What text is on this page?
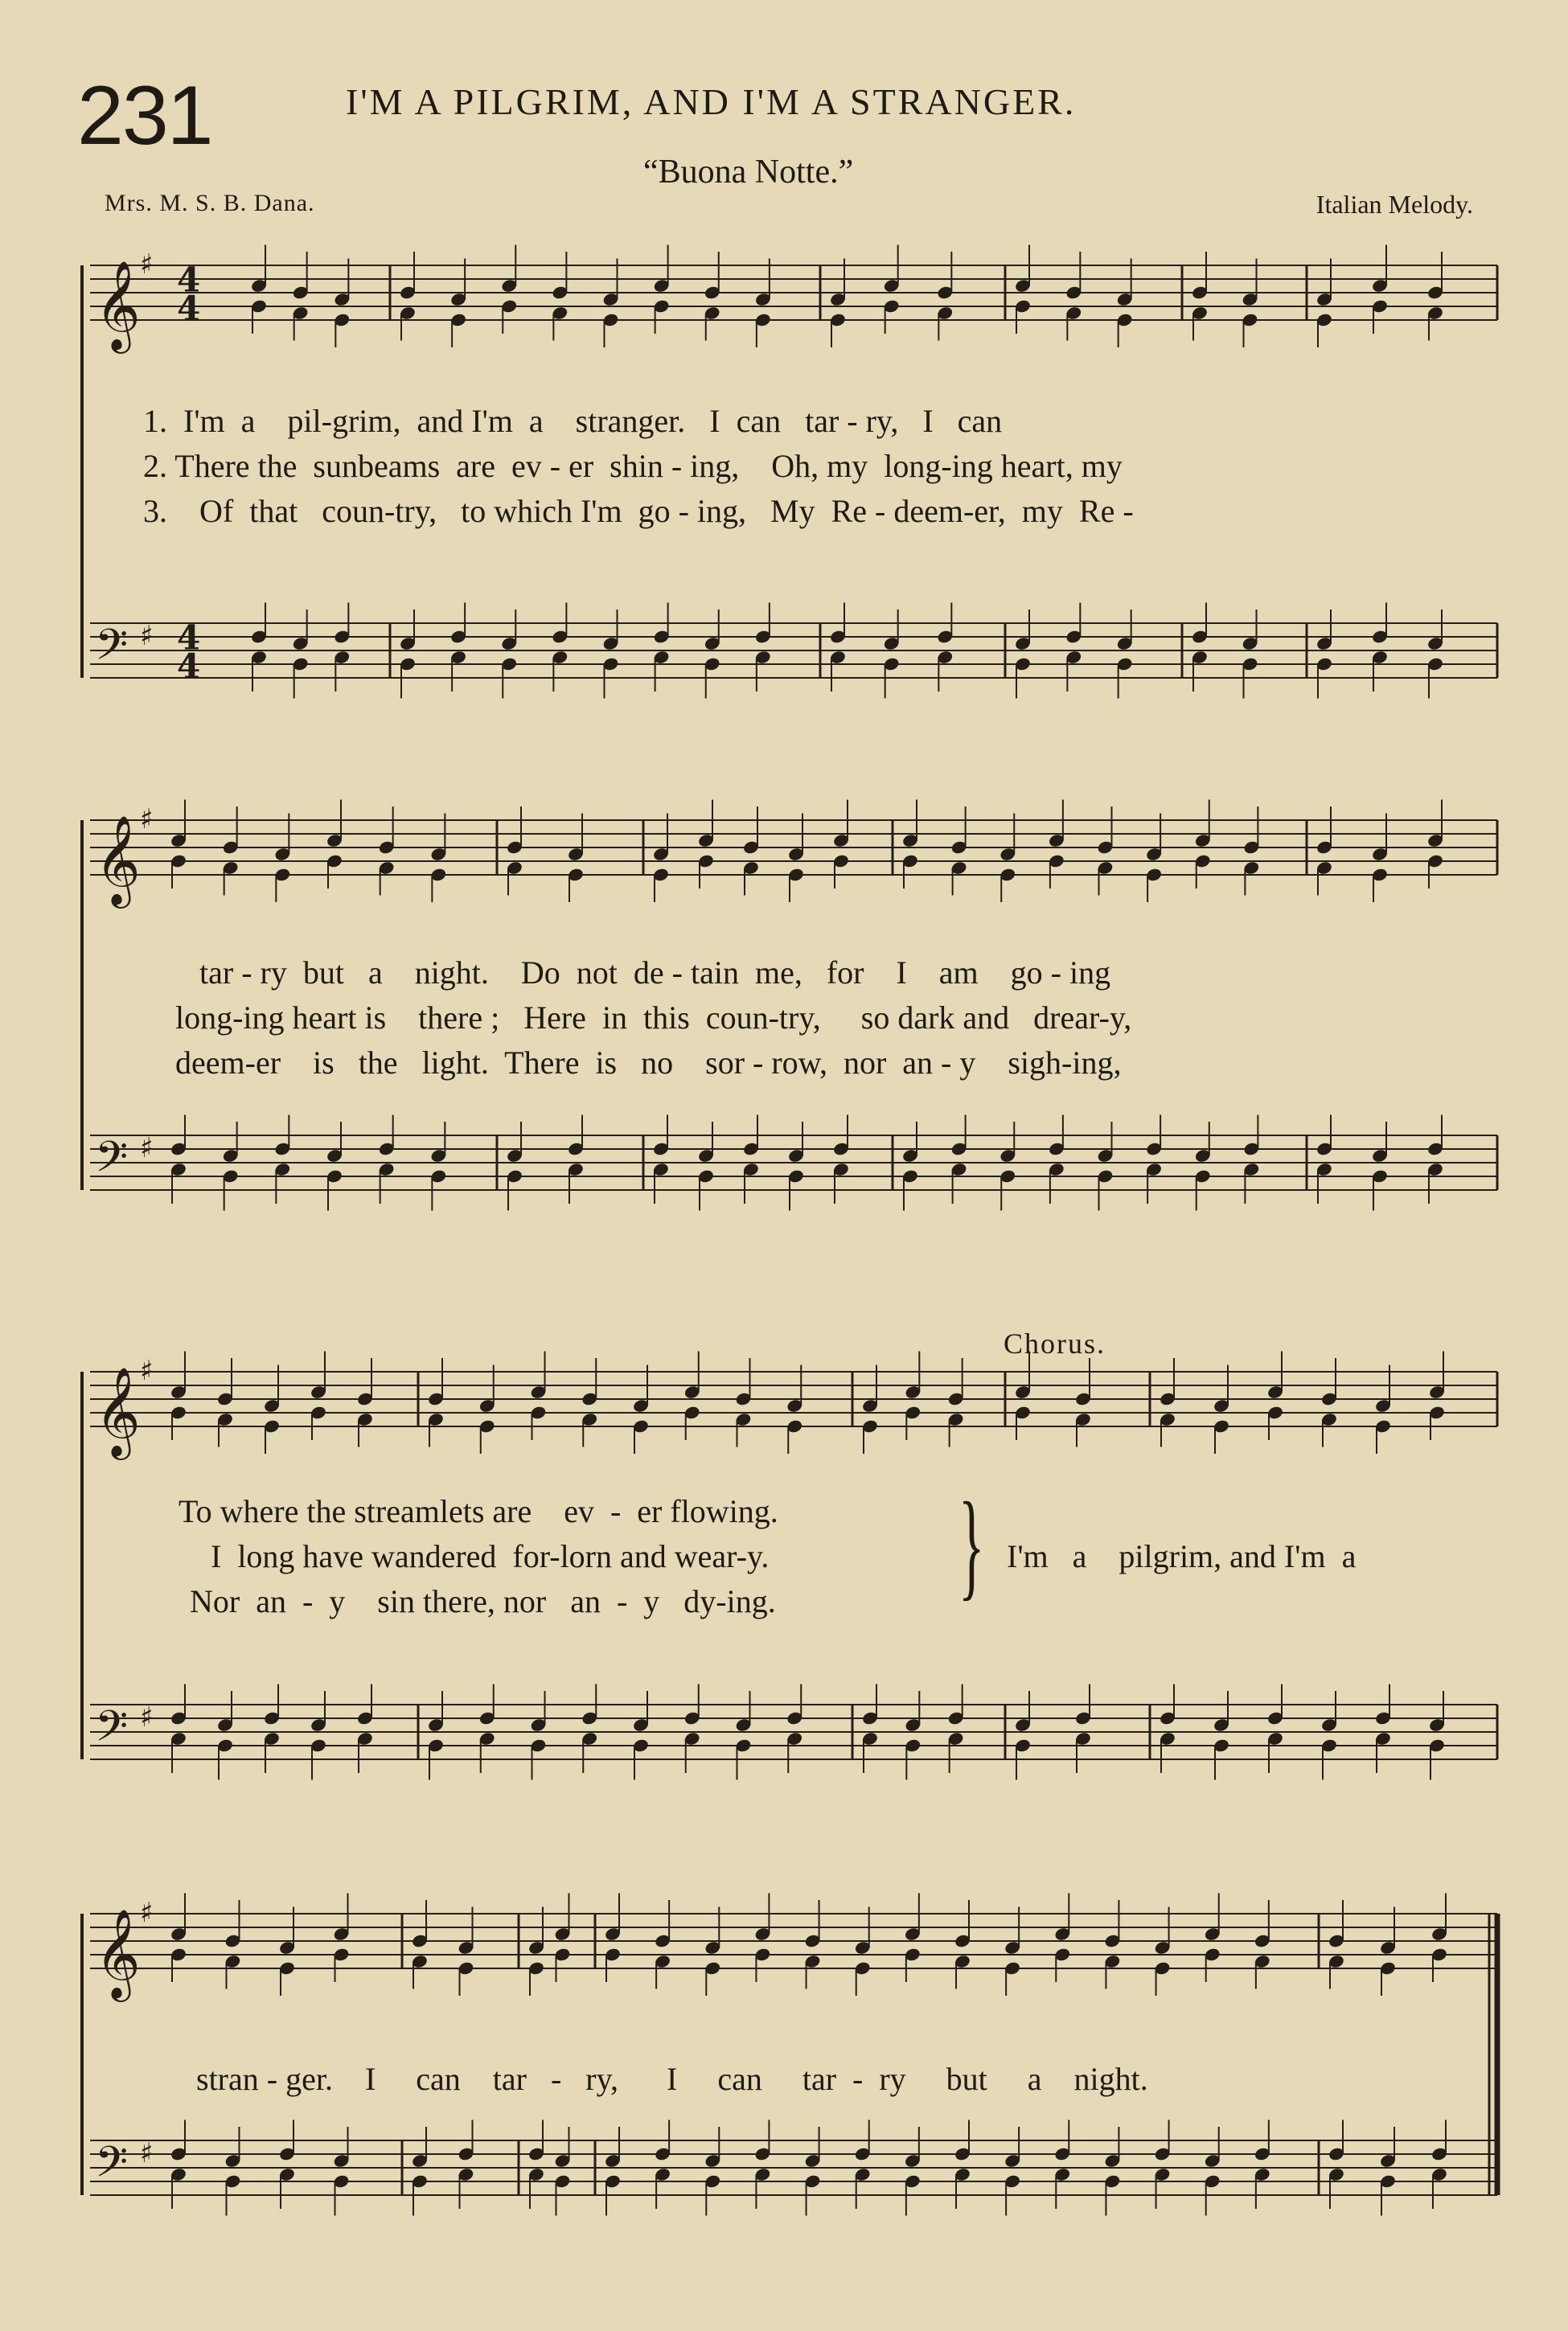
231	I'M A PILGRIM, AND I'M A STRANGER.
“Buona Notte.”
Mrs. M. S. B. Dana.	Italian Melody.
𝄞 ♯ 4
4
𝄢 ♯ 4
4
𝄞 ♯
𝄢 ♯
𝄞 ♯
𝄢 ♯
𝄞 ♯
𝄢 ♯
1.  I'm  a    pil-grim,  and I'm  a    stranger.   I  can   tar - ry,   I   can
2. There the  sunbeams  are  ev - er  shin - ing,    Oh, my  long-ing heart, my
3.    Of  that   coun-try,   to which I'm  go - ing,   My  Re - deem-er,  my  Re -
tar - ry  but   a    night.    Do  not  de - tain  me,   for    I    am    go - ing
long-ing heart is    there ;   Here  in  this  coun-try,     so dark and   drear-y,
deem-er    is   the   light.  There  is   no    sor - row,  nor  an - y    sigh-ing,
Chorus.
To where the streamlets are    ev  -  er flowing.
I  long have wandered  for-lorn and wear-y.
Nor  an  -  y    sin there, nor   an  -  y   dy-ing. } I'm   a    pilgrim, and I'm  a
stran - ger.    I     can    tar   -   ry,      I     can     tar  -  ry     but     a    night.
